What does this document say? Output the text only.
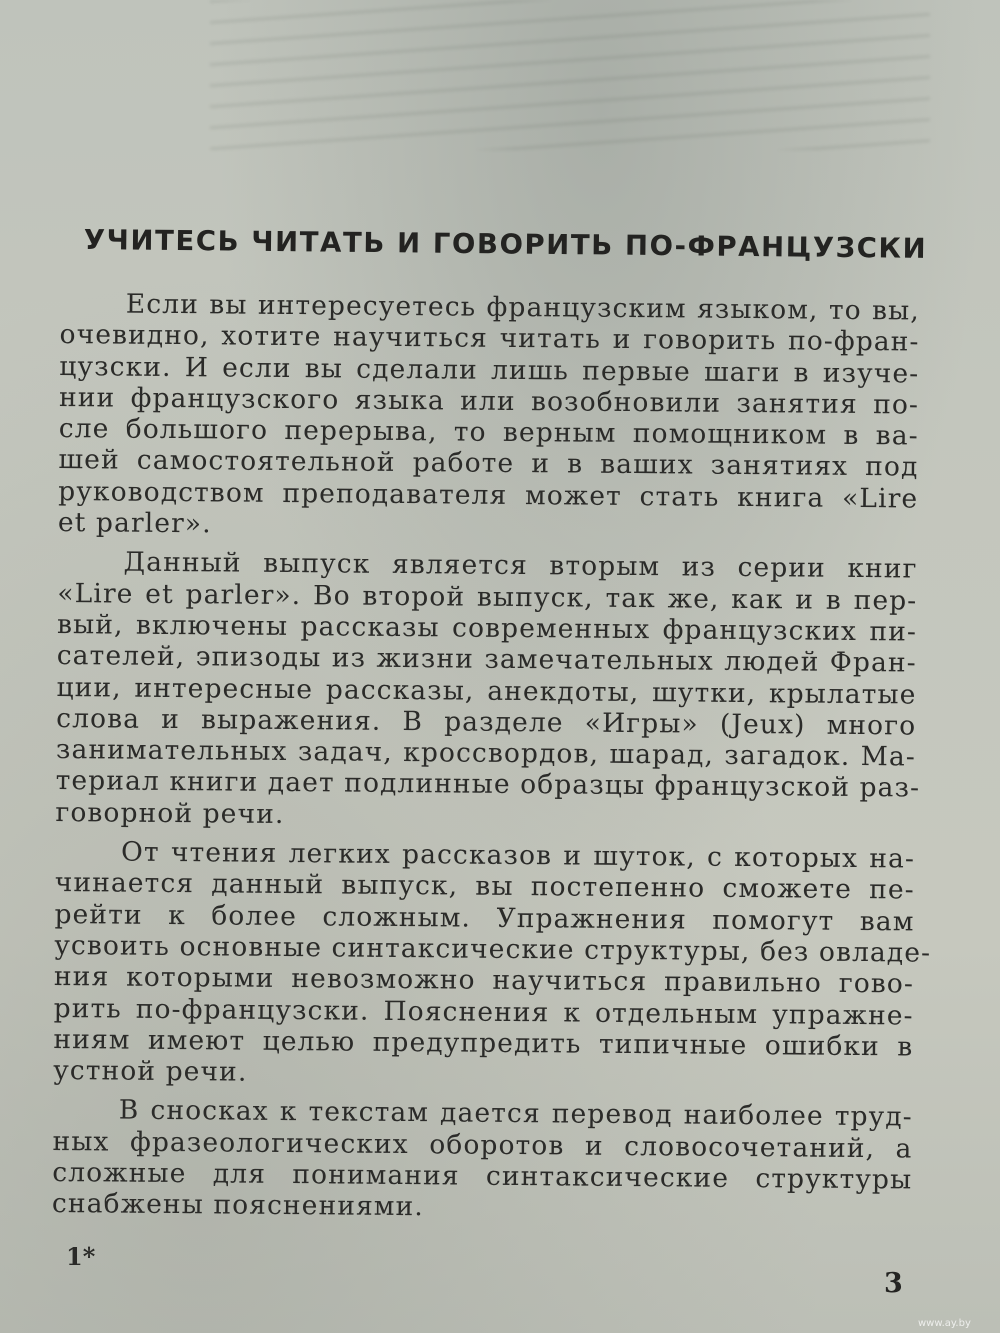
УЧИТЕСЬ ЧИТАТЬ И ГОВОРИТЬ ПО-ФРАНЦУЗСКИ
Если вы интересуетесь французским языком, то вы,
очевидно, хотите научиться читать и говорить по-фран-
цузски. И если вы сделали лишь первые шаги в изуче-
нии французского языка или возобновили занятия по-
сле большого перерыва, то верным помощником в ва-
шей самостоятельной работе и в ваших занятиях под
руководством преподавателя может стать книга «Lire
et parler».
Данный выпуск является вторым из серии книг
«Lire et parler». Во второй выпуск, так же, как и в пер-
вый, включены рассказы современных французских пи-
сателей, эпизоды из жизни замечательных людей Фран-
ции, интересные рассказы, анекдоты, шутки, крылатые
слова и выражения. В разделе «Игры» (Jeux) много
занимательных задач, кроссвордов, шарад, загадок. Ма-
териал книги дает подлинные образцы французской раз-
говорной речи.
От чтения легких рассказов и шуток, с которых на-
чинается данный выпуск, вы постепенно сможете пе-
рейти к более сложным. Упражнения помогут вам
усвоить основные синтаксические структуры, без овладе-
ния которыми невозможно научиться правильно гово-
рить по-французски. Пояснения к отдельным упражне-
ниям имеют целью предупредить типичные ошибки в
устной речи.
В сносках к текстам дается перевод наиболее труд-
ных фразеологических оборотов и словосочетаний, а
сложные для понимания синтаксические структуры
снабжены пояснениями.
1*
3
www.ay.by
